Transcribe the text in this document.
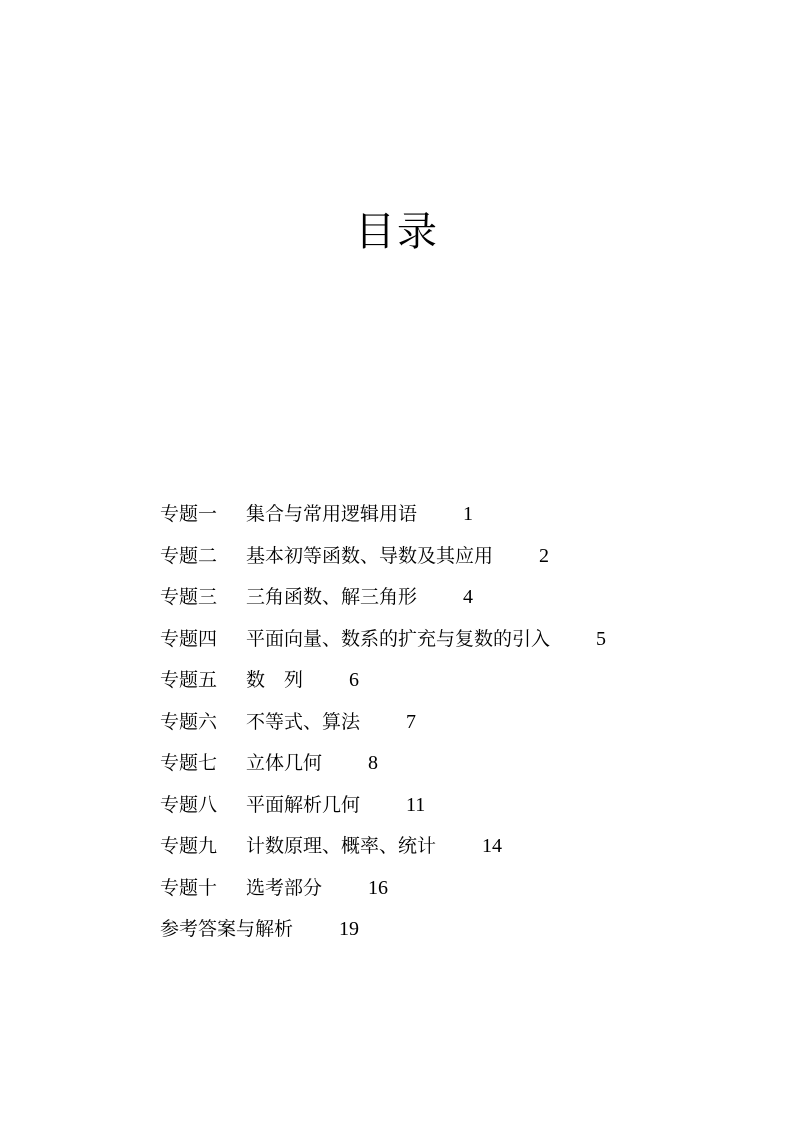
目录
专题一	集合与常用逻辑用语 1
专题二	基本初等函数、导数及其应用 2
专题三	三角函数、解三角形 4
专题四	平面向量、数系的扩充与复数的引入 5
专题五	数　列 6
专题六	不等式、算法 7
专题七	立体几何 8
专题八	平面解析几何 11
专题九	计数原理、概率、统计 14
专题十	选考部分 16
参考答案与解析 19
